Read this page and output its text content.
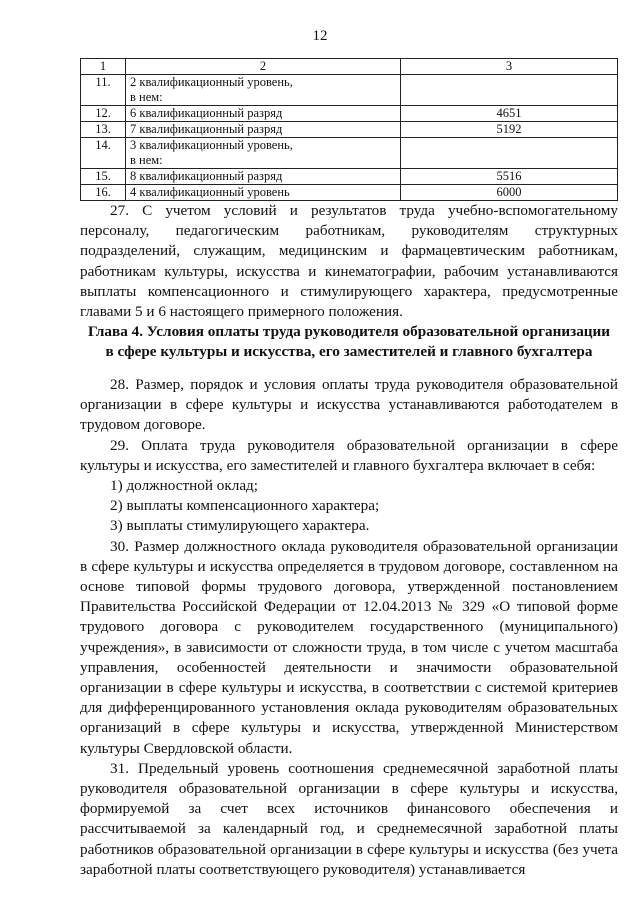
12
1	2	3
11.	2 квалификационный уровень,
в нем:	
12.	6 квалификационный разряд	4651
13.	7 квалификационный разряд	5192
14.	3 квалификационный уровень,
в нем:	
15.	8 квалификационный разряд	5516
16.	4 квалификационный уровень	6000

27. С учетом условий и результатов труда учебно-вспомогательному персоналу, педагогическим работникам, руководителям структурных подразделений, служащим, медицинским и фармацевтическим работникам, работникам культуры, искусства и кинематографии, рабочим устанавливаются выплаты компенсационного и стимулирующего характера, предусмотренные главами 5 и 6 настоящего примерного положения.

Глава 4. Условия оплаты труда руководителя образовательной организации
в сфере культуры и искусства, его заместителей и главного бухгалтера

28. Размер, порядок и условия оплаты труда руководителя образовательной организации в сфере культуры и искусства устанавливаются работодателем в трудовом договоре.

29. Оплата труда руководителя образовательной организации в сфере культуры и искусства, его заместителей и главного бухгалтера включает в себя:

1) должностной оклад;

2) выплаты компенсационного характера;

3) выплаты стимулирующего характера.

30. Размер должностного оклада руководителя образовательной организации в сфере культуры и искусства определяется в трудовом договоре, составленном на основе типовой формы трудового договора, утвержденной постановлением Правительства Российской Федерации от 12.04.2013 № 329 «О типовой форме трудового договора с руководителем государственного (муниципального) учреждения», в зависимости от сложности труда, в том числе с учетом масштаба управления, особенностей деятельности и значимости образовательной организации в сфере культуры и искусства, в соответствии с системой критериев для дифференцированного установления оклада руководителям образовательных организаций в сфере культуры и искусства, утвержденной Министерством культуры Свердловской области.

31. Предельный уровень соотношения среднемесячной заработной платы руководителя образовательной организации в сфере культуры и искусства, формируемой за счет всех источников финансового обеспечения и рассчитываемой за календарный год, и среднемесячной заработной платы работников образовательной организации в сфере культуры и искусства (без учета заработной платы соответствующего руководителя) устанавливается
